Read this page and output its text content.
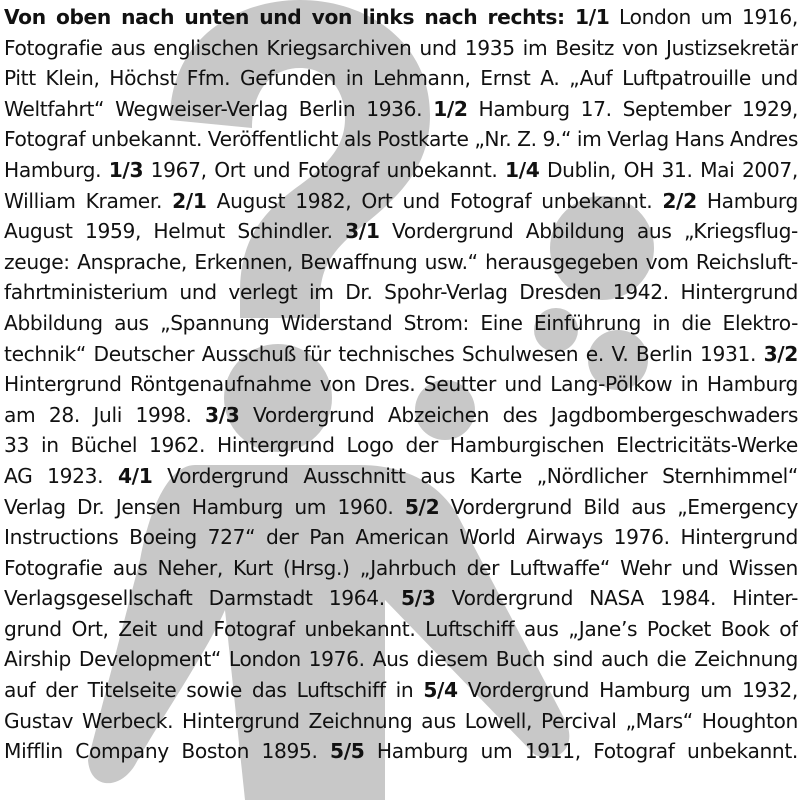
Von oben nach unten und von links nach rechts: 1/1 London um 1916,
Fotografie aus englischen Kriegsarchiven und 1935 im Besitz von Justizsekretär
Pitt Klein, Höchst Ffm. Gefunden in Lehmann, Ernst A. „Auf Luftpatrouille und
Weltfahrt“ Wegweiser-Verlag Berlin 1936. 1/2 Hamburg 17. September 1929,
Fotograf unbekannt. Veröffentlicht als Postkarte „Nr. Z. 9.“ im Verlag Hans Andres
Hamburg. 1/3 1967, Ort und Fotograf unbekannt. 1/4 Dublin, OH 31. Mai 2007,
William Kramer. 2/1 August 1982, Ort und Fotograf unbekannt. 2/2 Hamburg
August 1959, Helmut Schindler. 3/1 Vordergrund Abbildung aus „Kriegsflug-
zeuge: Ansprache, Erkennen, Bewaffnung usw.“ herausgegeben vom Reichsluft-
fahrtministerium und verlegt im Dr. Spohr-Verlag Dresden 1942. Hintergrund
Abbildung aus „Spannung Widerstand Strom: Eine Einführung in die Elektro-
technik“ Deutscher Ausschuß für technisches Schulwesen e. V. Berlin 1931. 3/2
Hintergrund Röntgenaufnahme von Dres. Seutter und Lang-Pölkow in Hamburg
am 28. Juli 1998. 3/3 Vordergrund Abzeichen des Jagdbombergeschwaders
33 in Büchel 1962. Hintergrund Logo der Hamburgischen Electricitäts-Werke
AG 1923. 4/1 Vordergrund Ausschnitt aus Karte „Nördlicher Sternhimmel“
Verlag Dr. Jensen Hamburg um 1960. 5/2 Vordergrund Bild aus „Emergency
Instructions Boeing 727“ der Pan American World Airways 1976. Hintergrund
Fotografie aus Neher, Kurt (Hrsg.) „Jahrbuch der Luftwaffe“ Wehr und Wissen
Verlagsgesellschaft Darmstadt 1964. 5/3 Vordergrund NASA 1984. Hinter-
grund Ort, Zeit und Fotograf unbekannt. Luftschiff aus „Jane’s Pocket Book of
Airship Development“ London 1976. Aus diesem Buch sind auch die Zeichnung
auf der Titelseite sowie das Luftschiff in 5/4 Vordergrund Hamburg um 1932,
Gustav Werbeck. Hintergrund Zeichnung aus Lowell, Percival „Mars“ Houghton
Mifflin Company Boston 1895. 5/5 Hamburg um 1911, Fotograf unbekannt.
